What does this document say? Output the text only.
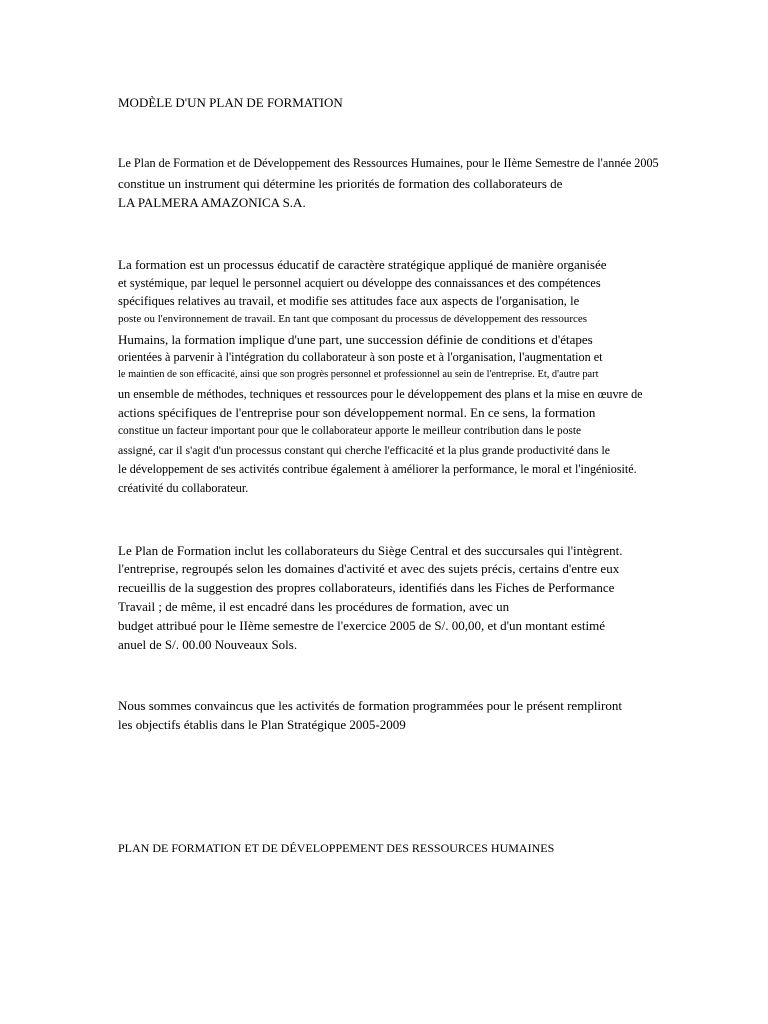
MODÈLE D'UN PLAN DE FORMATION

Le Plan de Formation et de Développement des Ressources Humaines, pour le IIème Semestre de l'année 2005

constitue un instrument qui détermine les priorités de formation des collaborateurs de

LA PALMERA AMAZONICA S.A.

La formation est un processus éducatif de caractère stratégique appliqué de manière organisée

et systémique, par lequel le personnel acquiert ou développe des connaissances et des compétences

spécifiques relatives au travail, et modifie ses attitudes face aux aspects de l'organisation, le

poste ou l'environnement de travail. En tant que composant du processus de développement des ressources

Humains, la formation implique d'une part, une succession définie de conditions et d'étapes

orientées à parvenir à l'intégration du collaborateur à son poste et à l'organisation, l'augmentation et

le maintien de son efficacité, ainsi que son progrès personnel et professionnel au sein de l'entreprise. Et, d'autre part

un ensemble de méthodes, techniques et ressources pour le développement des plans et la mise en œuvre de

actions spécifiques de l'entreprise pour son développement normal. En ce sens, la formation

constitue un facteur important pour que le collaborateur apporte le meilleur contribution dans le poste

assigné, car il s'agit d'un processus constant qui cherche l'efficacité et la plus grande productivité dans le

le développement de ses activités contribue également à améliorer la performance, le moral et l'ingéniosité.

créativité du collaborateur.

Le Plan de Formation inclut les collaborateurs du Siège Central et des succursales qui l'intègrent.

l'entreprise, regroupés selon les domaines d'activité et avec des sujets précis, certains d'entre eux

recueillis de la suggestion des propres collaborateurs, identifiés dans les Fiches de Performance

Travail ; de même, il est encadré dans les procédures de formation, avec un

budget attribué pour le IIème semestre de l'exercice 2005 de S/. 00,00, et d'un montant estimé

anuel de S/. 00.00 Nouveaux Sols.

Nous sommes convaincus que les activités de formation programmées pour le présent rempliront

les objectifs établis dans le Plan Stratégique 2005-2009

PLAN DE FORMATION ET DE DÉVELOPPEMENT DES RESSOURCES HUMAINES
